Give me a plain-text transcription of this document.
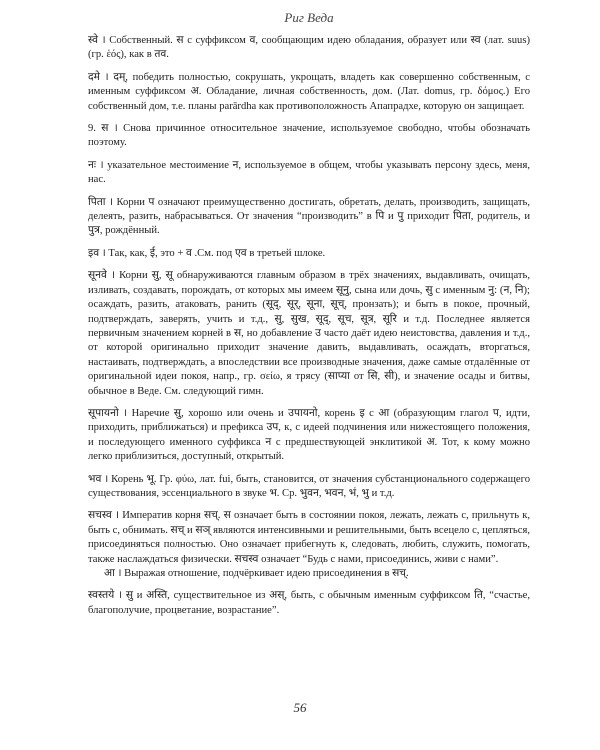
Риг Веда
स्वे । Собственный. स с суффиксом व, сообщающим идею обладания, образует или स्व (лат. suus) (гр. ἑός), как в तव.
दमे । दम्, победить полностью, сокрушать, укрощать, владеть как совершенно собственным, с именным суффиксом अ. Обладание, личная собственность, дом. (Лат. domus, гр. δόμος.) Его собственный дом, т.е. планы parārdha как противоположность Апапрадхе, которую он защищает.
9. स । Снова причинное относительное значение, используемое свободно, чтобы обозначать поэтому.
नः । указательное местоимение न, используемое в общем, чтобы указывать персону здесь, меня, нас.
पिता । Корни प означают преимущественно достигать, обретать, делать, производить, защищать, делеять, разить, набрасываться. От значения “производить” в पि и पु приходит पिता, родитель, и पुत्र, рождённый.
इव । Так, как, ई, это + व .См. под एव в третьей шлоке.
सूनवे । Корни सु, सू обнаруживаются главным образом в трёх значениях, выдавливать, очищать, изливать, создавать, порождать, от которых мы имеем सूनु, сына или дочь, सु с именным नु: (न, नि); осаждать, разить, атаковать, ранить (सूद्, सूर्, सूना, सूच्, пронзать); и быть в покое, прочный, подтверждать, заверять, учить и т.д., सु, सुख, सूद्, सूच, सूत्र, सूरि и т.д. Последнее является первичным значением корней в स, но добавление उ часто даёт идею неистовства, давления и т.д., от которой оригинально приходит значение давить, выдавливать, осаждать, вторгаться, настаивать, подтверждать, а впоследствии все производные значения, даже самые отдалённые от оригинальной идеи покоя, напр., гр. σείω, я трясу (साप्या от सि, सी), и значение осады и битвы, обычное в Веде. См. следующий гимн.
सूपायनो । Наречие सु, хорошо или очень и उपायनो, корень इ с आ (образующим глагол प, идти, приходить, приближаться) и префикса उप, к, с идеей подчинения или нижестоящего положения, и последующего именного суффикса न с предшествующей энклитикой अ. Тот, к кому можно легко приблизиться, доступный, открытый.
भव । Корень भू. Гр. φύω, лат. fui, быть, становится, от значения субстанционального содержащего существования, эссенциального в звуке भ. Ср. भुवन, भवन, भं, भु и т.д.
सचस्व । Императив корня सच्. स означает быть в состоянии покоя, лежать, лежать с, прильнуть к, быть с, обнимать. सच् и सञ् являются интенсивными и решительными, быть всецело с, цепляться, присоединяться полностью. Оно означает прибегнуть к, следовать, любить, служить, помогать, также наслаждаться физически. सचस्व означает “Будь с нами, присоединись, живи с нами”.
आ । Выражая отношение, подчёркивает идею присоединения в सच्.
स्वस्तये । सु и अस्ति, существительное из अस्, быть, с обычным именным суффиксом ति, “счастье, благополучие, процветание, возрастание”.
56
